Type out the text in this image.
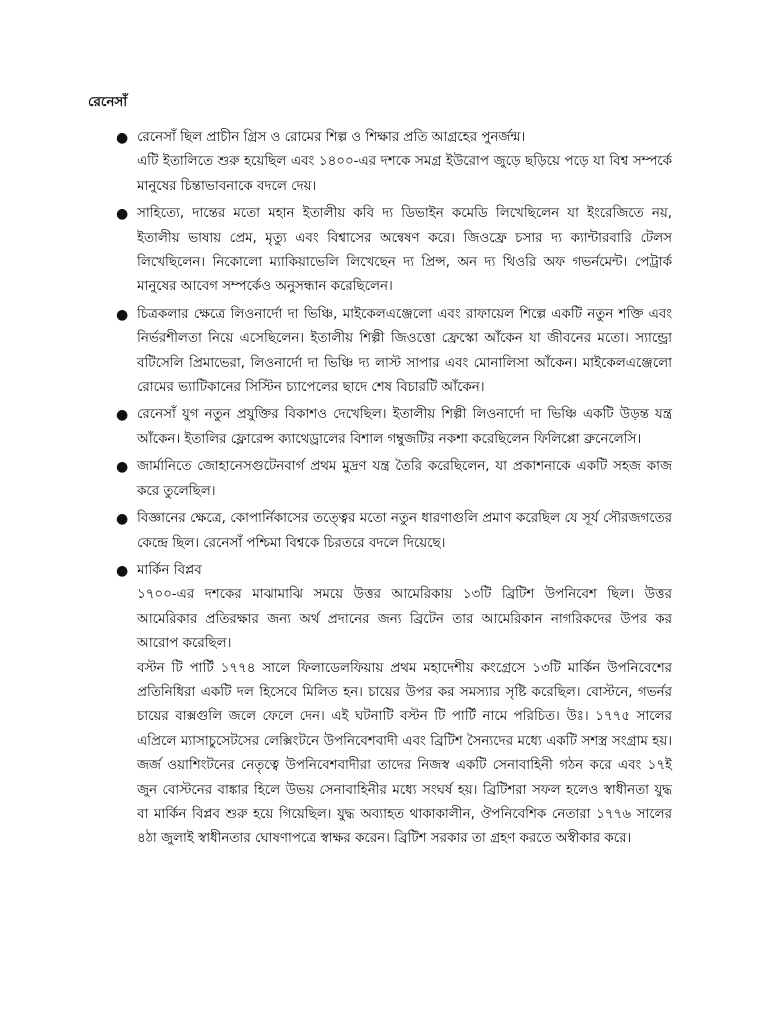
রেনেসাঁ
● রেনেসাঁ ছিল প্রাচীন গ্রিস ও রোমের শিল্প ও শিক্ষার প্রতি আগ্রহের পুনর্জন্ম।

এটি ইতালিতে শুরু হয়েছিল এবং ১৪০০-এর দশকে সমগ্র ইউরোপ জুড়ে ছড়িয়ে পড়ে যা বিশ্ব সম্পর্কে মানুষের চিন্তাভাবনাকে বদলে দেয়।

● সাহিত্যে, দান্তের মতো মহান ইতালীয় কবি দ্য ডিভাইন কমেডি লিখেছিলেন যা ইংরেজিতে নয়, ইতালীয় ভাষায় প্রেম, মৃত্যু এবং বিশ্বাসের অন্বেষণ করে। জিওফ্রে চসার দ্য ক্যান্টারবারি টেলস লিখেছিলেন। নিকোলো ম্যাকিয়াভেলি লিখেছেন দ্য প্রিন্স, অন দ্য থিওরি অফ গভর্নমেন্ট। পেট্রার্ক মানুষের আবেগ সম্পর্কেও অনুসন্ধান করেছিলেন।

● চিত্রকলার ক্ষেত্রে লিওনার্দো দা ভিঞ্চি, মাইকেলএঞ্জেলো এবং রাফায়েল শিল্পে একটি নতুন শক্তি এবং নির্ভরশীলতা নিয়ে এসেছিলেন। ইতালীয় শিল্পী জিওত্তো ফ্রেস্কো আঁকেন যা জীবনের মতো। স্যান্ড্রো বটিসেলি প্রিমাভেরা, লিওনার্দো দা ভিঞ্চি দ্য লাস্ট সাপার এবং মোনালিসা আঁকেন। মাইকেলএঞ্জেলো রোমের ভ্যাটিকানের সিস্টিন চ্যাপেলের ছাদে শেষ বিচারটি আঁকেন।

● রেনেসাঁ যুগ নতুন প্রযুক্তির বিকাশও দেখেছিল। ইতালীয় শিল্পী লিওনার্দো দা ভিঞ্চি একটি উড়ন্ত যন্ত্র আঁকেন। ইতালির ফ্লোরেন্স ক্যাথেড্রালের বিশাল গম্বুজটির নকশা করেছিলেন ফিলিপ্পো ব্রুনেলেসি।

● জার্মানিতে জোহানেসগুটেনবার্গ প্রথম মুদ্রণ যন্ত্র তৈরি করেছিলেন, যা প্রকাশনাকে একটি সহজ কাজ করে তুলেছিল।

● বিজ্ঞানের ক্ষেত্রে, কোপার্নিকাসের তত্ত্বের মতো নতুন ধারণাগুলি প্রমাণ করেছিল যে সূর্য সৌরজগতের কেন্দ্রে ছিল। রেনেসাঁ পশ্চিমা বিশ্বকে চিরতরে বদলে দিয়েছে।

● মার্কিন বিপ্লব

১৭০০-এর দশকের মাঝামাঝি সময়ে উত্তর আমেরিকায় ১৩টি ব্রিটিশ উপনিবেশ ছিল। উত্তর আমেরিকার প্রতিরক্ষার জন্য অর্থ প্রদানের জন্য ব্রিটেন তার আমেরিকান নাগরিকদের উপর কর আরোপ করেছিল।

বস্টন টি পার্টি ১৭৭৪ সালে ফিলাডেলফিয়ায় প্রথম মহাদেশীয় কংগ্রেসে ১৩টি মার্কিন উপনিবেশের প্রতিনিধিরা একটি দল হিসেবে মিলিত হন। চায়ের উপর কর সমস্যার সৃষ্টি করেছিল। বোস্টনে, গভর্নর চায়ের বাক্সগুলি জলে ফেলে দেন। এই ঘটনাটি বস্টন টি পার্টি নামে পরিচিত। উঃ। ১৭৭৫ সালের এপ্রিলে ম্যাসাচুসেটসের লেক্সিংটনে উপনিবেশবাদী এবং ব্রিটিশ সৈন্যদের মধ্যে একটি সশস্ত্র সংগ্রাম হয়। জর্জ ওয়াশিংটনের নেতৃত্বে উপনিবেশবাদীরা তাদের নিজস্ব একটি সেনাবাহিনী গঠন করে এবং ১৭ই জুন বোস্টনের বাঙ্কার হিলে উভয় সেনাবাহিনীর মধ্যে সংঘর্ষ হয়। ব্রিটিশরা সফল হলেও স্বাধীনতা যুদ্ধ বা মার্কিন বিপ্লব শুরু হয়ে গিয়েছিল। যুদ্ধ অব্যাহত থাকাকালীন, ঔপনিবেশিক নেতারা ১৭৭৬ সালের ৪ঠা জুলাই স্বাধীনতার ঘোষণাপত্রে স্বাক্ষর করেন। ব্রিটিশ সরকার তা গ্রহণ করতে অস্বীকার করে।
